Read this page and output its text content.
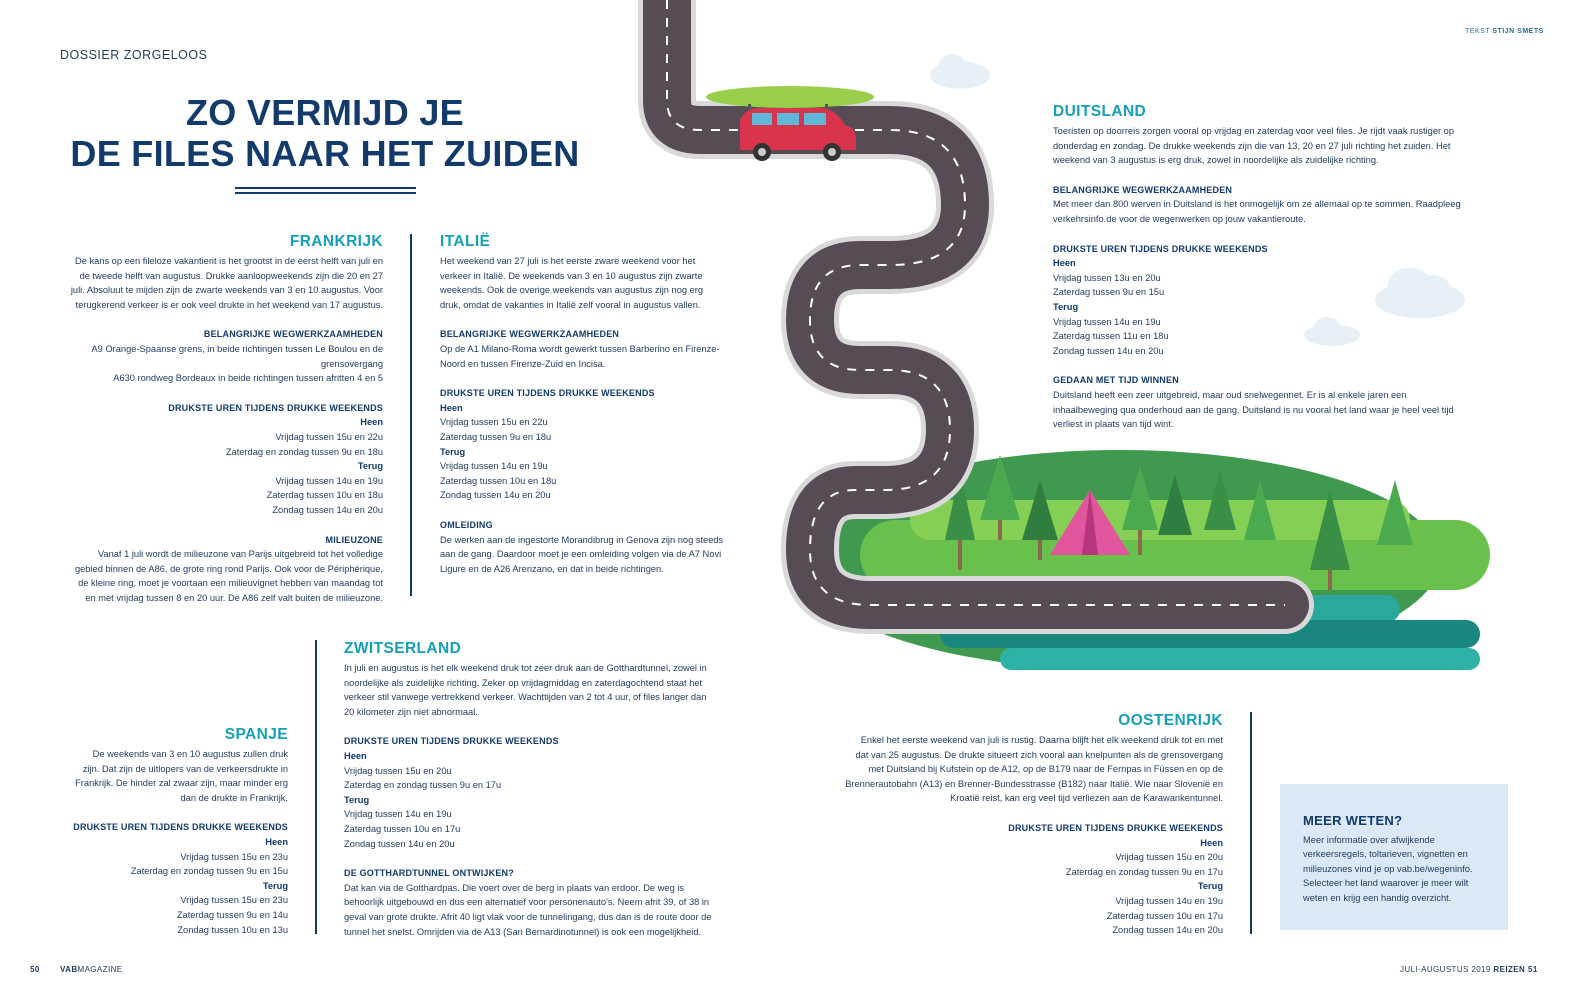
DOSSIER ZORGELOOS
TEKST STIJN SMETS
ZO VERMIJD JE
DE FILES NAAR HET ZUIDEN
FRANKRIJK

De kans op een fileloze vakantierit is het grootst in de eerst helft van juli en

de tweede helft van augustus. Drukke aanloopweekends zijn die 20 en 27

juli. Absoluut te mijden zijn de zwarte weekends van 3 en 10 augustus. Voor

terugkerend verkeer is er ook veel drukte in het weekend van 17 augustus.

BELANGRIJKE WEGWERKZAAMHEDEN

A9 Orange-Spaanse grens, in beide richtingen tussen Le Boulou en de

grensovergang

A630 rondweg Bordeaux in beide richtingen tussen afritten 4 en 5

DRUKSTE UREN TIJDENS DRUKKE WEEKENDS

Heen

Vrijdag tussen 15u en 22u

Zaterdag en zondag tussen 9u en 18u

Terug

Vrijdag tussen 14u en 19u

Zaterdag tussen 10u en 18u

Zondag tussen 14u en 20u

MILIEUZONE

Vanaf 1 juli wordt de milieuzone van Parijs uitgebreid tot het volledige

gebied binnen de A86, de grote ring rond Parijs. Ook voor de Périphérique,

de kleine ring, moet je voortaan een milieuvignet hebben van maandag tot

en met vrijdag tussen 8 en 20 uur. De A86 zelf valt buiten de milieuzone.

ITALIË

Het weekend van 27 juli is het eerste zware weekend voor het

verkeer in Italië. De weekends van 3 en 10 augustus zijn zwarte

weekends. Ook de overige weekends van augustus zijn nog erg

druk, omdat de vakanties in Italië zelf vooral in augustus vallen.

BELANGRIJKE WEGWERKZAAMHEDEN

Op de A1 Milano-Roma wordt gewerkt tussen Barberino en Firenze-

Noord en tussen Firenze-Zuid en Incisa.

DRUKSTE UREN TIJDENS DRUKKE WEEKENDS

Heen

Vrijdag tussen 15u en 22u

Zaterdag tussen 9u en 18u

Terug

Vrijdag tussen 14u en 19u

Zaterdag tussen 10u en 18u

Zondag tussen 14u en 20u

OMLEIDING

De werken aan de ingestorte Morandibrug in Genova zijn nog steeds

aan de gang. Daardoor moet je een omleiding volgen via de A7 Novi

Ligure en de A26 Arenzano, en dat in beide richtingen.

DUITSLAND

Toeristen op doorreis zorgen vooral op vrijdag en zaterdag voor veel files. Je rijdt vaak rustiger op

donderdag en zondag. De drukke weekends zijn die van 13, 20 en 27 juli richting het zuiden. Het

weekend van 3 augustus is erg druk, zowel in noordelijke als zuidelijke richting.

BELANGRIJKE WEGWERKZAAMHEDEN

Met meer dan 800 werven in Duitsland is het onmogelijk om ze allemaal op te sommen. Raadpleeg

verkehrsinfo.de voor de wegenwerken op jouw vakantieroute.

DRUKSTE UREN TIJDENS DRUKKE WEEKENDS

Heen

Vrijdag tussen 13u en 20u

Zaterdag tussen 9u en 15u

Terug

Vrijdag tussen 14u en 19u

Zaterdag tussen 11u en 18u

Zondag tussen 14u en 20u

GEDAAN MET TIJD WINNEN

Duitsland heeft een zeer uitgebreid, maar oud snelwegennet. Er is al enkele jaren een

inhaalbeweging qua onderhoud aan de gang. Duitsland is nu vooral het land waar je heel veel tijd

verliest in plaats van tijd wint.

SPANJE

De weekends van 3 en 10 augustus zullen druk

zijn. Dat zijn de uitlopers van de verkeersdrukte in

Frankrijk. De hinder zal zwaar zijn, maar minder erg

dan de drukte in Frankrijk.

DRUKSTE UREN TIJDENS DRUKKE WEEKENDS

Heen

Vrijdag tussen 15u en 23u

Zaterdag en zondag tussen 9u en 15u

Terug

Vrijdag tussen 15u en 23u

Zaterdag tussen 9u en 14u

Zondag tussen 10u en 13u

ZWITSERLAND

In juli en augustus is het elk weekend druk tot zeer druk aan de Gotthardtunnel, zowel in

noordelijke als zuidelijke richting. Zeker op vrijdagmiddag en zaterdagochtend staat het

verkeer stil vanwege vertrekkend verkeer. Wachttijden van 2 tot 4 uur, of files langer dan

20 kilometer zijn niet abnormaal.

DRUKSTE UREN TIJDENS DRUKKE WEEKENDS

Heen

Vrijdag tussen 15u en 20u

Zaterdag en zondag tussen 9u en 17u

Terug

Vrijdag tussen 14u en 19u

Zaterdag tussen 10u en 17u

Zondag tussen 14u en 20u

DE GOTTHARDTUNNEL ONTWIJKEN?

Dat kan via de Gotthardpas. Die voert over de berg in plaats van erdoor. De weg is

behoorlijk uitgebouwd en dus een alternatief voor personenauto's. Neem afrit 39, of 38 in

geval van grote drukte. Afrit 40 ligt vlak voor de tunnelingang, dus dan is de route door de

tunnel het snelst. Omrijden via de A13 (San Bernardinotunnel) is ook een mogelijkheid.

OOSTENRIJK

Enkel het eerste weekend van juli is rustig. Daarna blijft het elk weekend druk tot en met

dat van 25 augustus. De drukte situeert zich vooral aan knelpunten als de grensovergang

met Duitsland bij Kufstein op de A12, op de B179 naar de Fernpas in Füssen en op de

Brennerautobahn (A13) en Brenner-Bundesstrasse (B182) naar Italië. Wie naar Slovenië en

Kroatië reist, kan erg veel tijd verliezen aan de Karawankentunnel.

DRUKSTE UREN TIJDENS DRUKKE WEEKENDS

Heen

Vrijdag tussen 15u en 20u

Zaterdag en zondag tussen 9u en 17u

Terug

Vrijdag tussen 14u en 19u

Zaterdag tussen 10u en 17u

Zondag tussen 14u en 20u

MEER WETEN?

Meer informatie over afwijkende

verkeersregels, toltarieven, vignetten en

milieuzones vind je op vab.be/wegeninfo.

Selecteer het land waarover je meer wilt

weten en krijg een handig overzicht.

50	VABMAGAZINE	JULI-AUGUSTUS 2019 REIZEN 51
